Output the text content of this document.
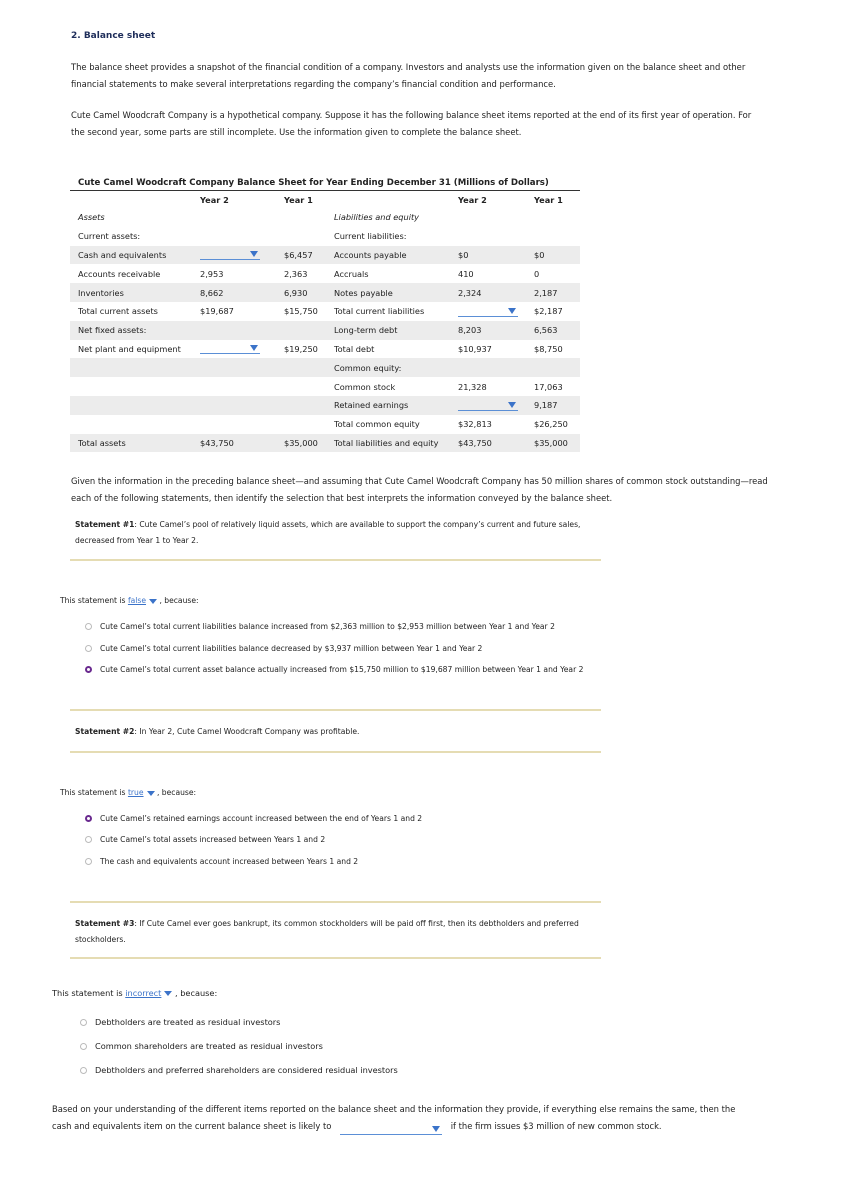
2. Balance sheet
The balance sheet provides a snapshot of the financial condition of a company. Investors and analysts use the information given on the balance sheet and other financial statements to make several interpretations regarding the company’s financial condition and performance.
Cute Camel Woodcraft Company is a hypothetical company. Suppose it has the following balance sheet items reported at the end of its first year of operation. For the second year, some parts are still incomplete. Use the information given to complete the balance sheet.
Cute Camel Woodcraft Company Balance Sheet for Year Ending December 31 (Millions of Dollars)
	Year 2	Year 1		Year 2	Year 1
Assets			Liabilities and equity		
Current assets:			Current liabilities:		
Cash and equivalents		$6,457	Accounts payable	$0	$0
Accounts receivable	2,953	2,363	Accruals	410	0
Inventories	8,662	6,930	Notes payable	2,324	2,187
Total current assets	$19,687	$15,750	Total current liabilities		$2,187
Net fixed assets:			Long-term debt	8,203	6,563
Net plant and equipment		$19,250	Total debt	$10,937	$8,750
			Common equity:		
			Common stock	21,328	17,063
			Retained earnings		9,187
			Total common equity	$32,813	$26,250
Total assets	$43,750	$35,000	Total liabilities and equity	$43,750	$35,000
Given the information in the preceding balance sheet—and assuming that Cute Camel Woodcraft Company has 50 million shares of common stock outstanding—read each of the following statements, then identify the selection that best interprets the information conveyed by the balance sheet.
Statement #1: Cute Camel’s pool of relatively liquid assets, which are available to support the company’s current and future sales, decreased from Year 1 to Year 2.
This statement is false , because:
Cute Camel’s total current liabilities balance increased from $2,363 million to $2,953 million between Year 1 and Year 2
Cute Camel’s total current liabilities balance decreased by $3,937 million between Year 1 and Year 2
Cute Camel’s total current asset balance actually increased from $15,750 million to $19,687 million between Year 1 and Year 2
Statement #2: In Year 2, Cute Camel Woodcraft Company was profitable.
This statement is true , because:
Cute Camel’s retained earnings account increased between the end of Years 1 and 2
Cute Camel’s total assets increased between Years 1 and 2
The cash and equivalents account increased between Years 1 and 2
Statement #3: If Cute Camel ever goes bankrupt, its common stockholders will be paid off first, then its debtholders and preferred stockholders.
This statement is incorrect , because:
Debtholders are treated as residual investors
Common shareholders are treated as residual investors
Debtholders and preferred shareholders are considered residual investors
Based on your understanding of the different items reported on the balance sheet and the information they provide, if everything else remains the same, then the cash and equivalents item on the current balance sheet is likely to	if the firm issues $3 million of new common stock.
